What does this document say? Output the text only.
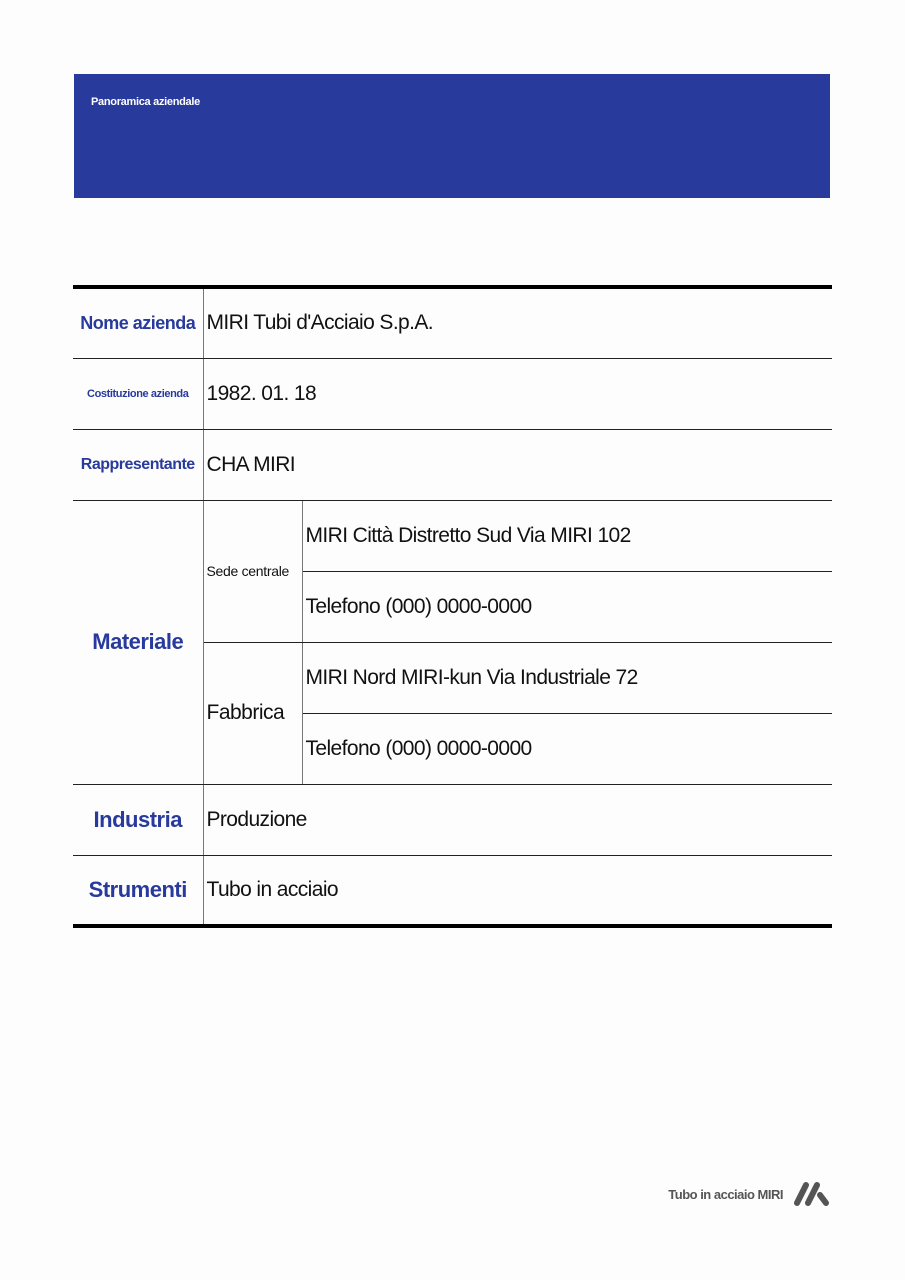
Panoramica aziendale
Nome azienda	MIRI Tubi d'Acciaio S.p.A.	
Costituzione azienda	1982. 01. 18	
Rappresentante	CHA MIRI	
Materiale	Sede centrale	MIRI Città Distretto Sud Via MIRI 102
		Telefono (000) 0000-0000
	Fabbrica	MIRI Nord MIRI-kun Via Industriale 72
		Telefono (000) 0000-0000
Industria	Produzione	
Strumenti	Tubo in acciaio	
Tubo in acciaio MIRI
